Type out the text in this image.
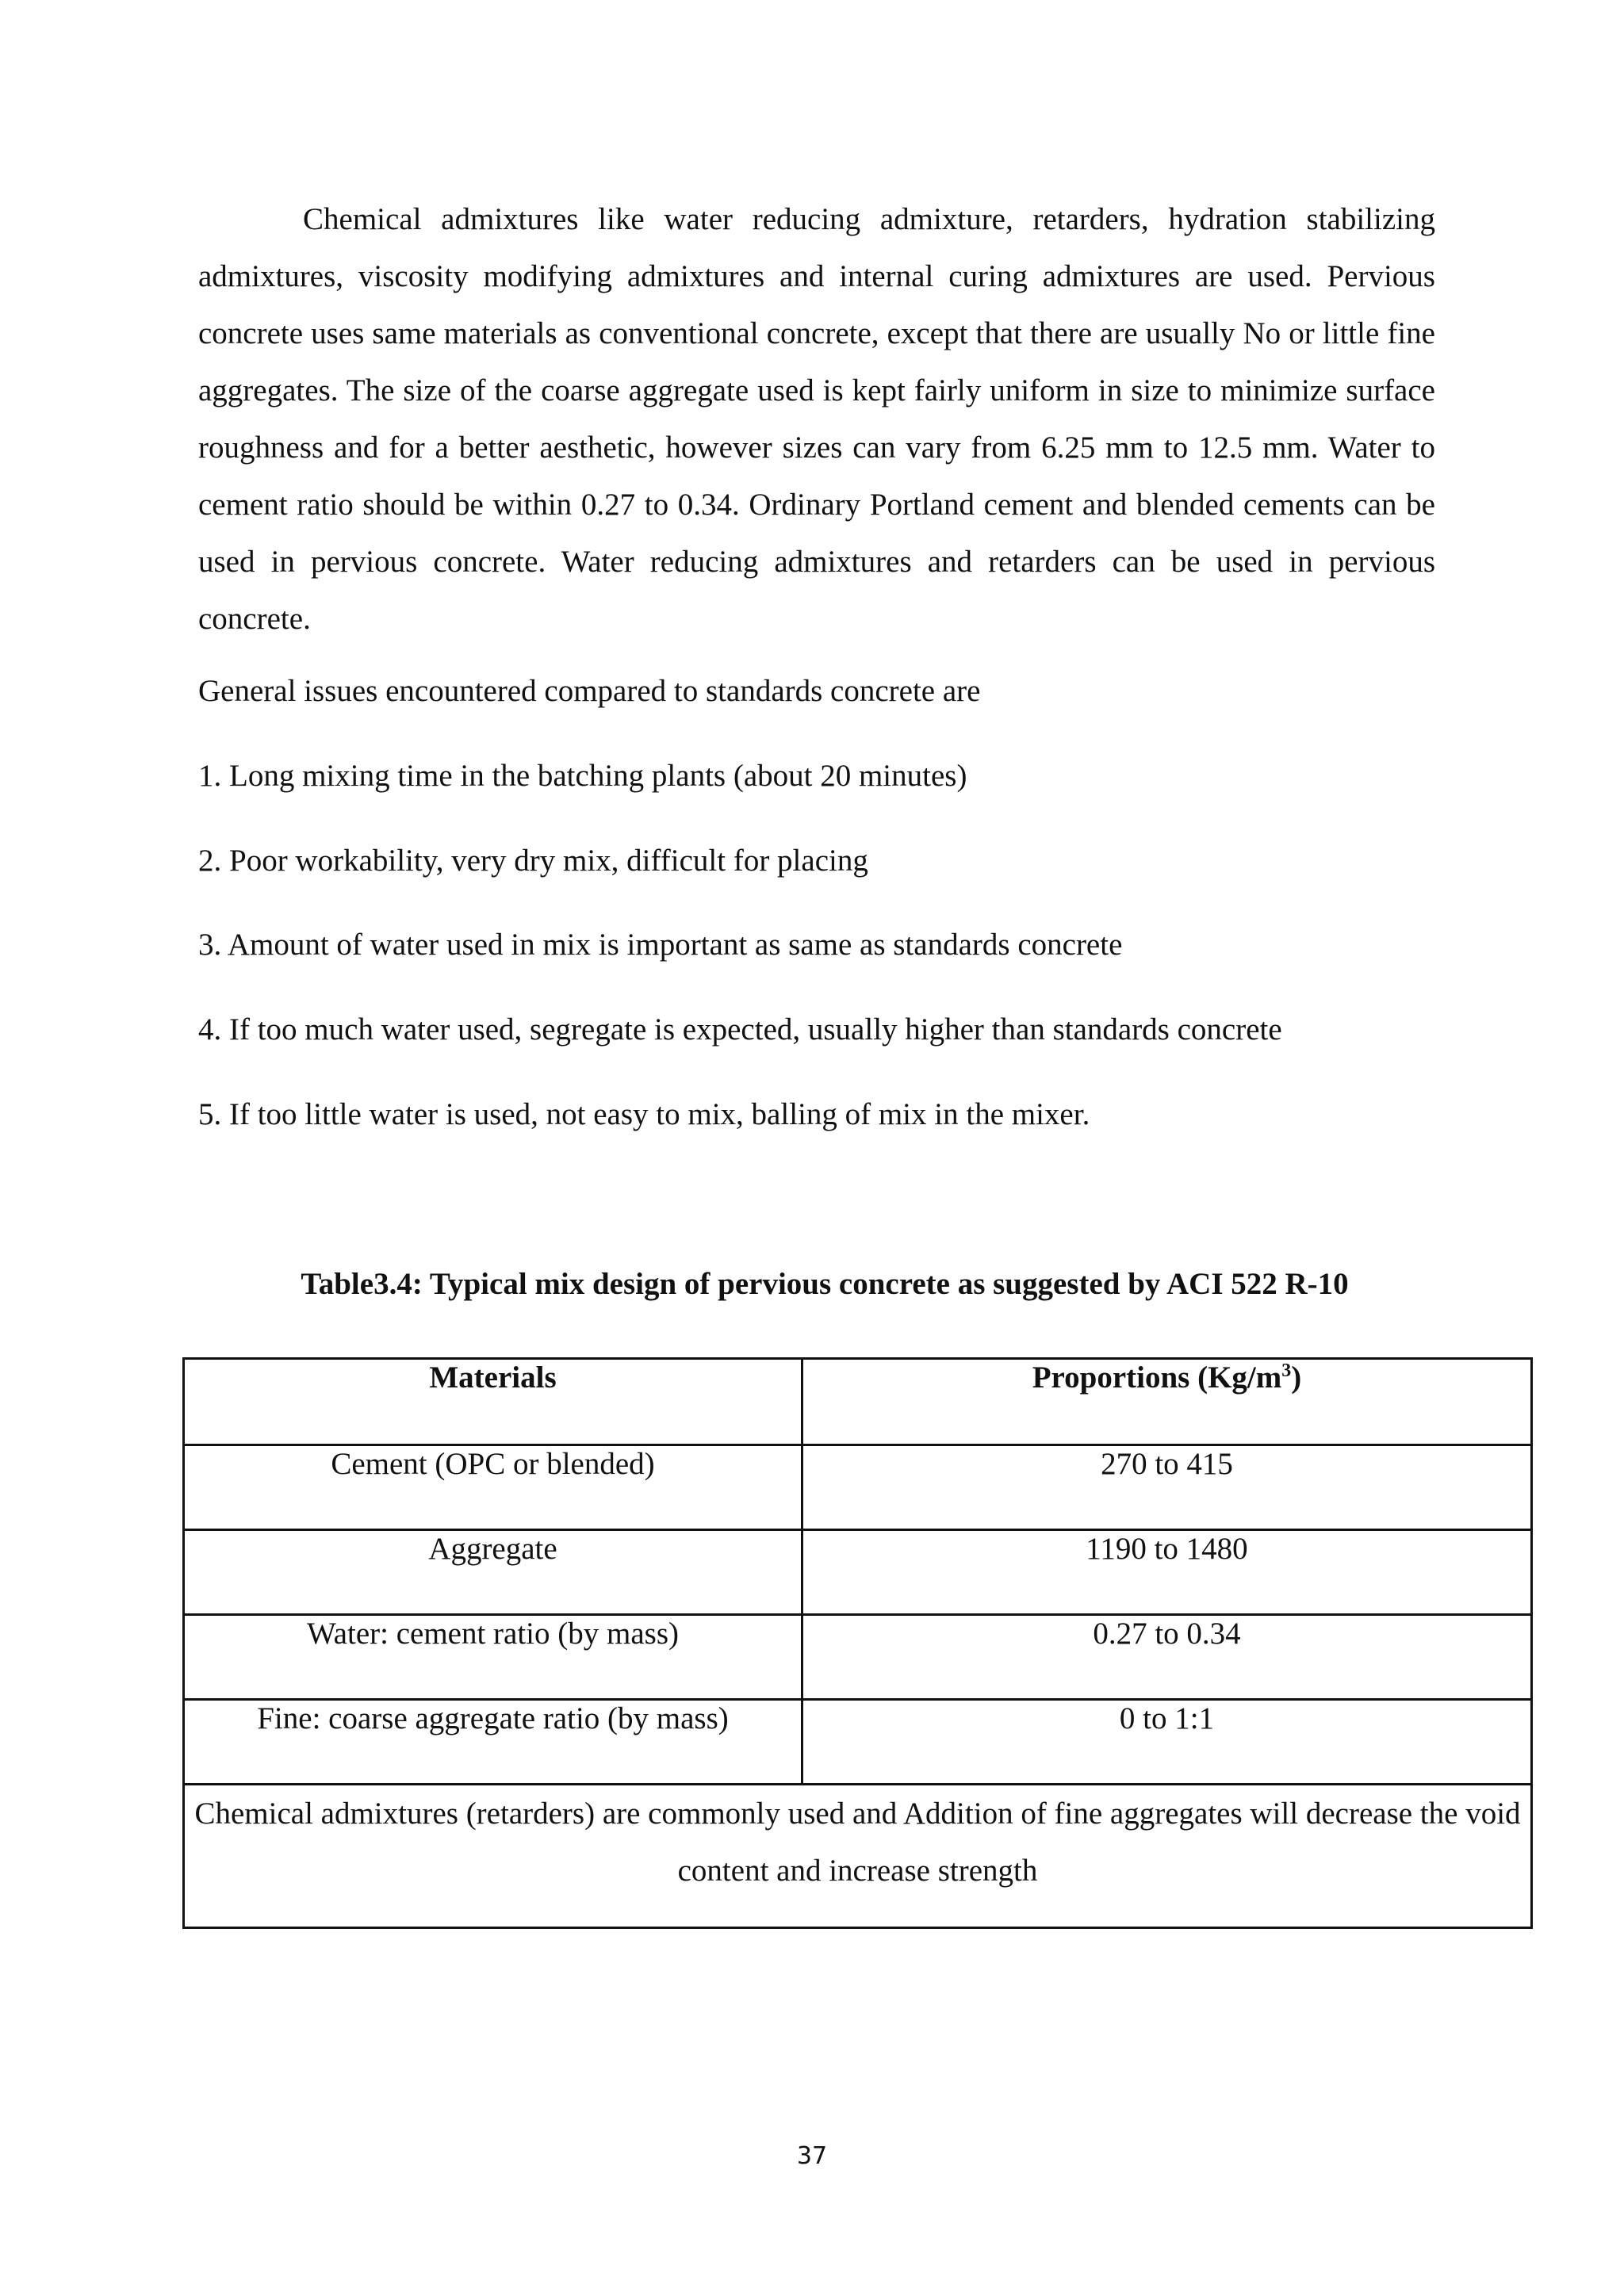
Chemical admixtures like water reducing admixture, retarders, hydration stabilizing admixtures, viscosity modifying admixtures and internal curing admixtures are used. Pervious concrete uses same materials as conventional concrete, except that there are usually No or little fine aggregates. The size of the coarse aggregate used is kept fairly uniform in size to minimize surface roughness and for a better aesthetic, however sizes can vary from 6.25 mm to 12.5 mm. Water to cement ratio should be within 0.27 to 0.34. Ordinary Portland cement and blended cements can be used in pervious concrete. Water reducing admixtures and retarders can be used in pervious concrete.

General issues encountered compared to standards concrete are

1. Long mixing time in the batching plants (about 20 minutes)

2. Poor workability, very dry mix, difficult for placing

3. Amount of water used in mix is important as same as standards concrete

4. If too much water used, segregate is expected, usually higher than standards concrete

5. If too little water is used, not easy to mix, balling of mix in the mixer.

Table3.4: Typical mix design of pervious concrete as suggested by ACI 522 R-10

Materials	Proportions $(Kg/m^3)$
Cement (OPC or blended)	270 to 415
Aggregate	1190 to 1480
Water: cement ratio (by mass)	0.27 to 0.34
Fine: coarse aggregate ratio (by mass)	0 to 1:1
Chemical admixtures (retarders) are commonly used and Addition of fine aggregates will decrease the void content and increase strength	

37
